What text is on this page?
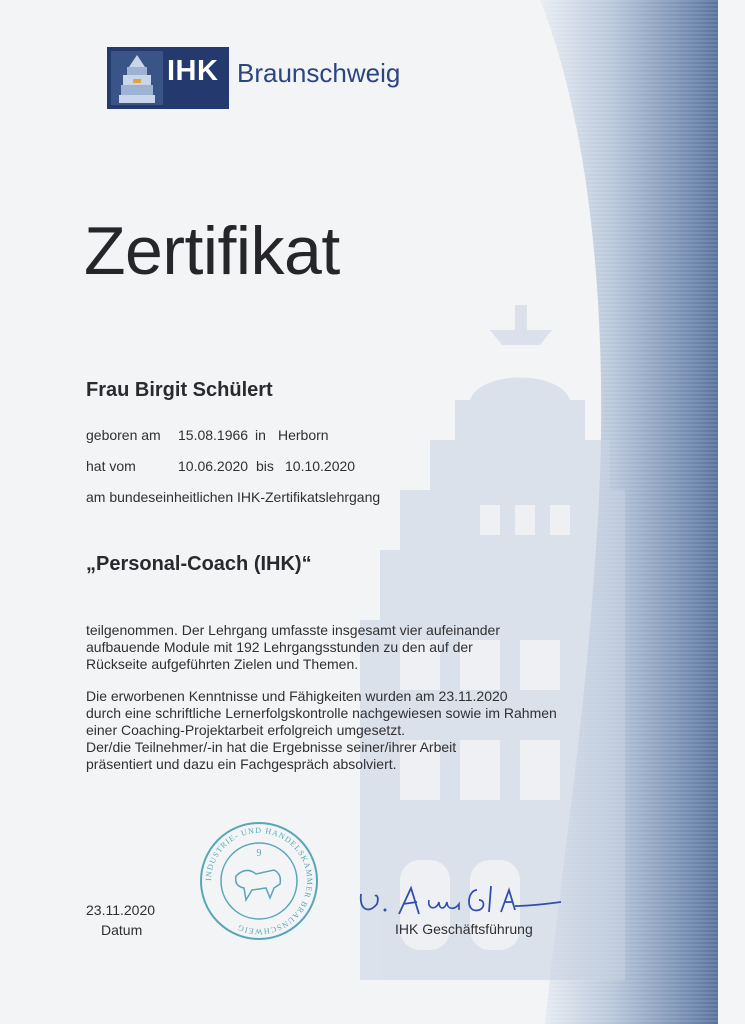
IHK Braunschweig
Zertifikat
Frau Birgit Schülert
geboren am 15.08.1966 in Herborn
hat vom	10.06.2020 bis 10.10.2020
am bundeseinheitlichen IHK-Zertifikatslehrgang
„Personal-Coach (IHK)“
teilgenommen. Der Lehrgang umfasste insgesamt vier aufeinander
aufbauende Module mit 192 Lehrgangsstunden zu den auf der
Rückseite aufgeführten Zielen und Themen.
Die erworbenen Kenntnisse und Fähigkeiten wurden am 23.11.2020
durch eine schriftliche Lernerfolgskontrolle nachgewiesen sowie im Rahmen
einer Coaching-Projektarbeit erfolgreich umgesetzt.
Der/die Teilnehmer/-in hat die Ergebnisse seiner/ihrer Arbeit
präsentiert und dazu ein Fachgespräch absolviert.
INDUSTRIE- UND HANDELSKAMMER BRAUNSCHWEIG
9
23.11.2020
Datum	IHK Geschäftsführung
